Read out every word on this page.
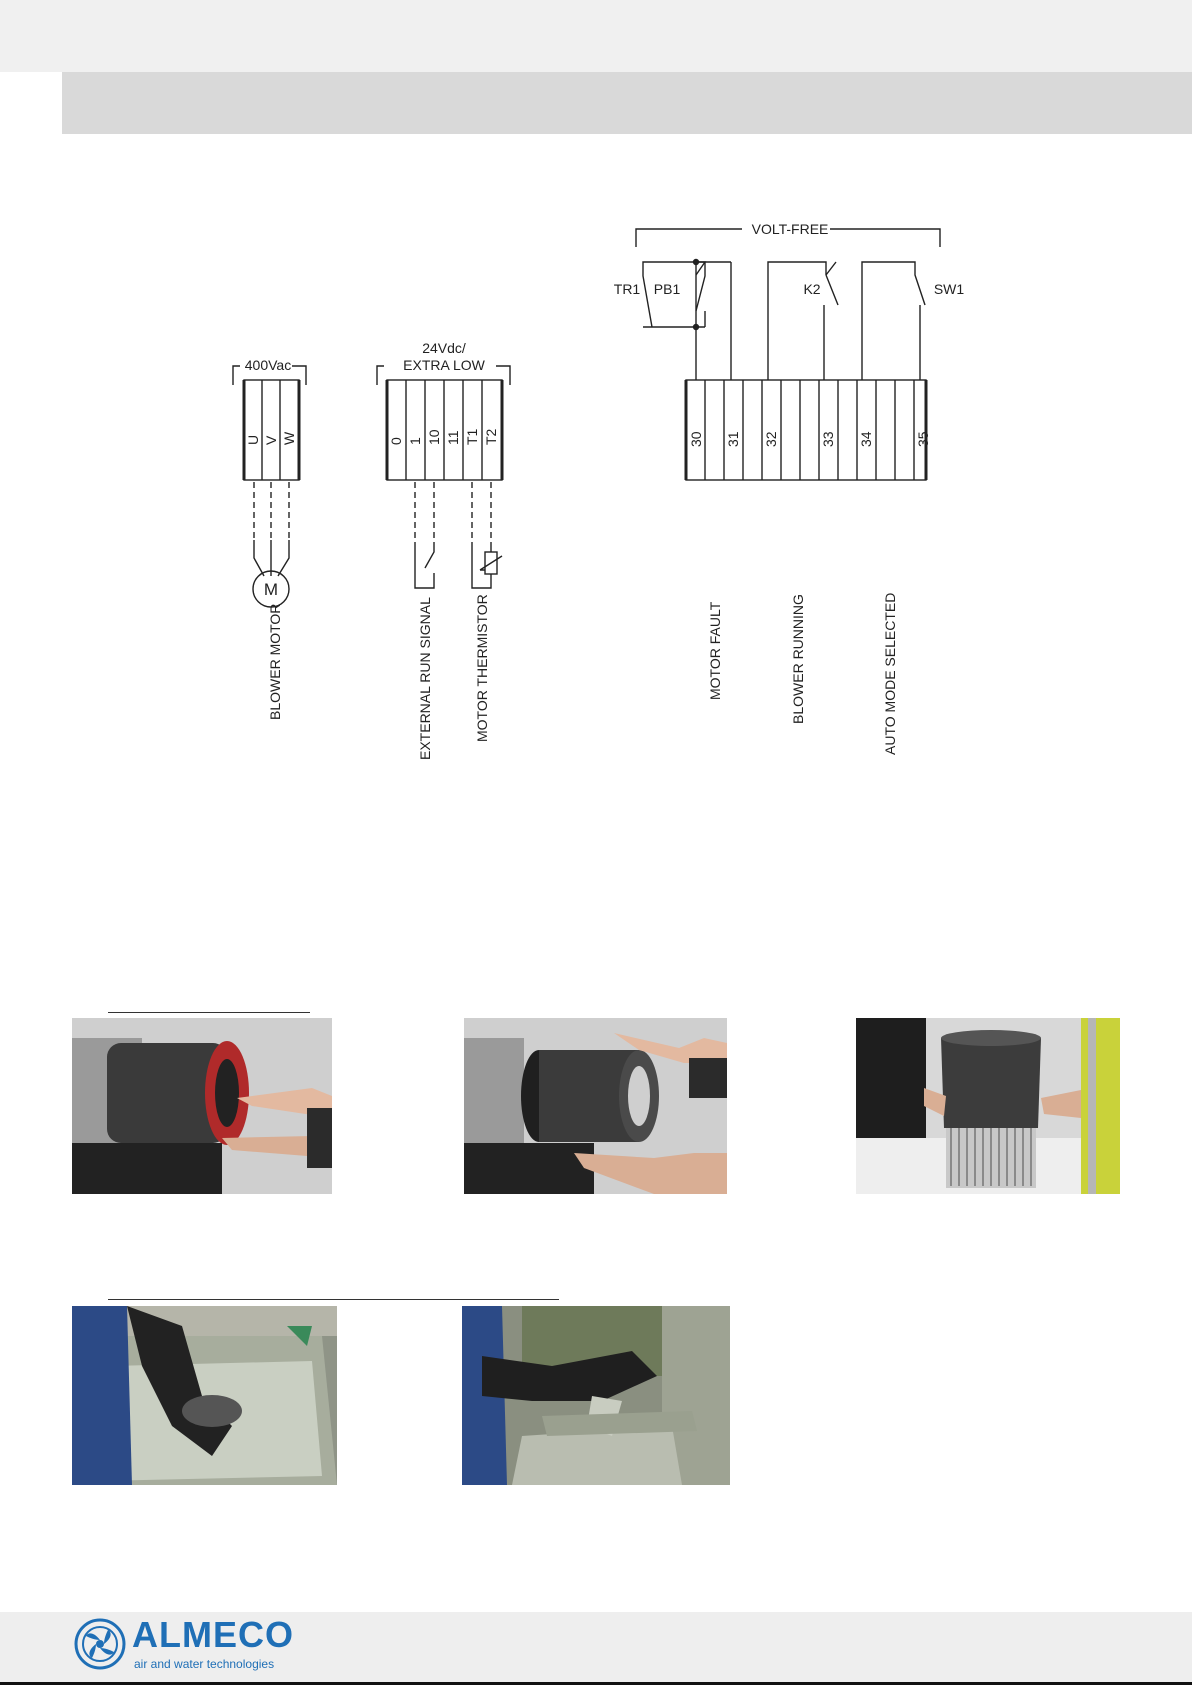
400Vac
24Vdc/
EXTRA LOW
VOLT-FREE
TR1 PB1	K2	SW1
M
U V W	0 1 10 11 T1 T2	30 31 32	33 34	35
BLOWER MOTOR	EXTERNAL RUN SIGNAL	MOTOR THERMISTOR	MOTOR FAULT	BLOWER RUNNING	AUTO MODE SELECTED
ALMECO
air and water technologies
